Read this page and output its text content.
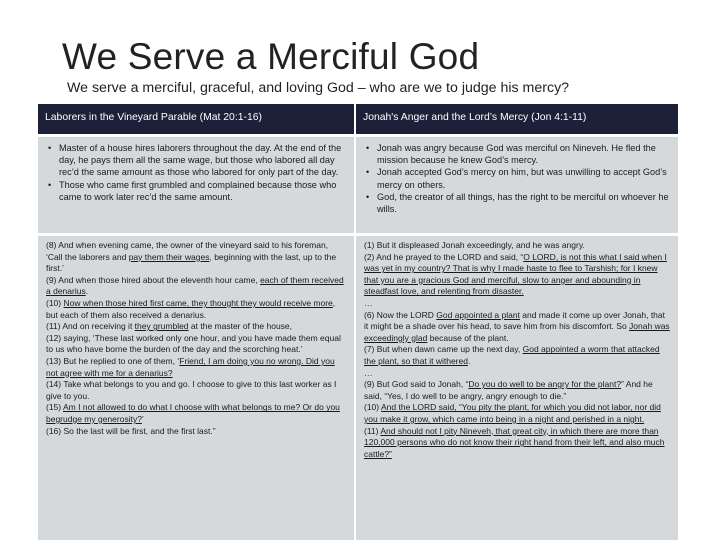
We Serve a Merciful God
We serve a merciful, graceful, and loving God – who are we to judge his mercy?
Laborers in the Vineyard Parable (Mat 20:1-16)	Jonah's Anger and the Lord’s Mercy (Jon 4:1-11)
• Master of a house hires laborers throughout the day. At the end of the day, he pays them all the same wage, but those who labored all day rec’d the same amount as those who labored for only part of the day.
• Those who came first grumbled and complained because those who came to work later rec’d the same amount.
• Jonah was angry because God was merciful on Nineveh. He fled the mission because he knew God’s mercy.
• Jonah accepted God’s mercy on him, but was unwilling to accept God’s mercy on others.
• God, the creator of all things, has the right to be merciful on whoever he wills.
(8) And when evening came, the owner of the vineyard said to his foreman, ‘Call the laborers and pay them their wages, beginning with the last, up to the first.’
(9) And when those hired about the eleventh hour came, each of them received a denarius.
(10) Now when those hired first came, they thought they would receive more, but each of them also received a denarius.
(11) And on receiving it they grumbled at the master of the house,
(12) saying, ‘These last worked only one hour, and you have made them equal to us who have borne the burden of the day and the scorching heat.’
(13) But he replied to one of them, ‘Friend, I am doing you no wrong. Did you not agree with me for a denarius?
(14) Take what belongs to you and go. I choose to give to this last worker as I give to you.
(15) Am I not allowed to do what I choose with what belongs to me? Or do you begrudge my generosity?’
(16) So the last will be first, and the first last.”
(1) But it displeased Jonah exceedingly, and he was angry.
(2) And he prayed to the LORD and said, “O LORD, is not this what I said when I was yet in my country? That is why I made haste to flee to Tarshish; for I knew that you are a gracious God and merciful, slow to anger and abounding in steadfast love, and relenting from disaster.
…
(6) Now the LORD God appointed a plant and made it come up over Jonah, that it might be a shade over his head, to save him from his discomfort. So Jonah was exceedingly glad because of the plant.
(7) But when dawn came up the next day, God appointed a worm that attacked the plant, so that it withered.
…
(9) But God said to Jonah, “Do you do well to be angry for the plant?” And he said, “Yes, I do well to be angry, angry enough to die.”
(10) And the LORD said, “You pity the plant, for which you did not labor, nor did you make it grow, which came into being in a night and perished in a night.
(11) And should not I pity Nineveh, that great city, in which there are more than 120,000 persons who do not know their right hand from their left, and also much cattle?”
